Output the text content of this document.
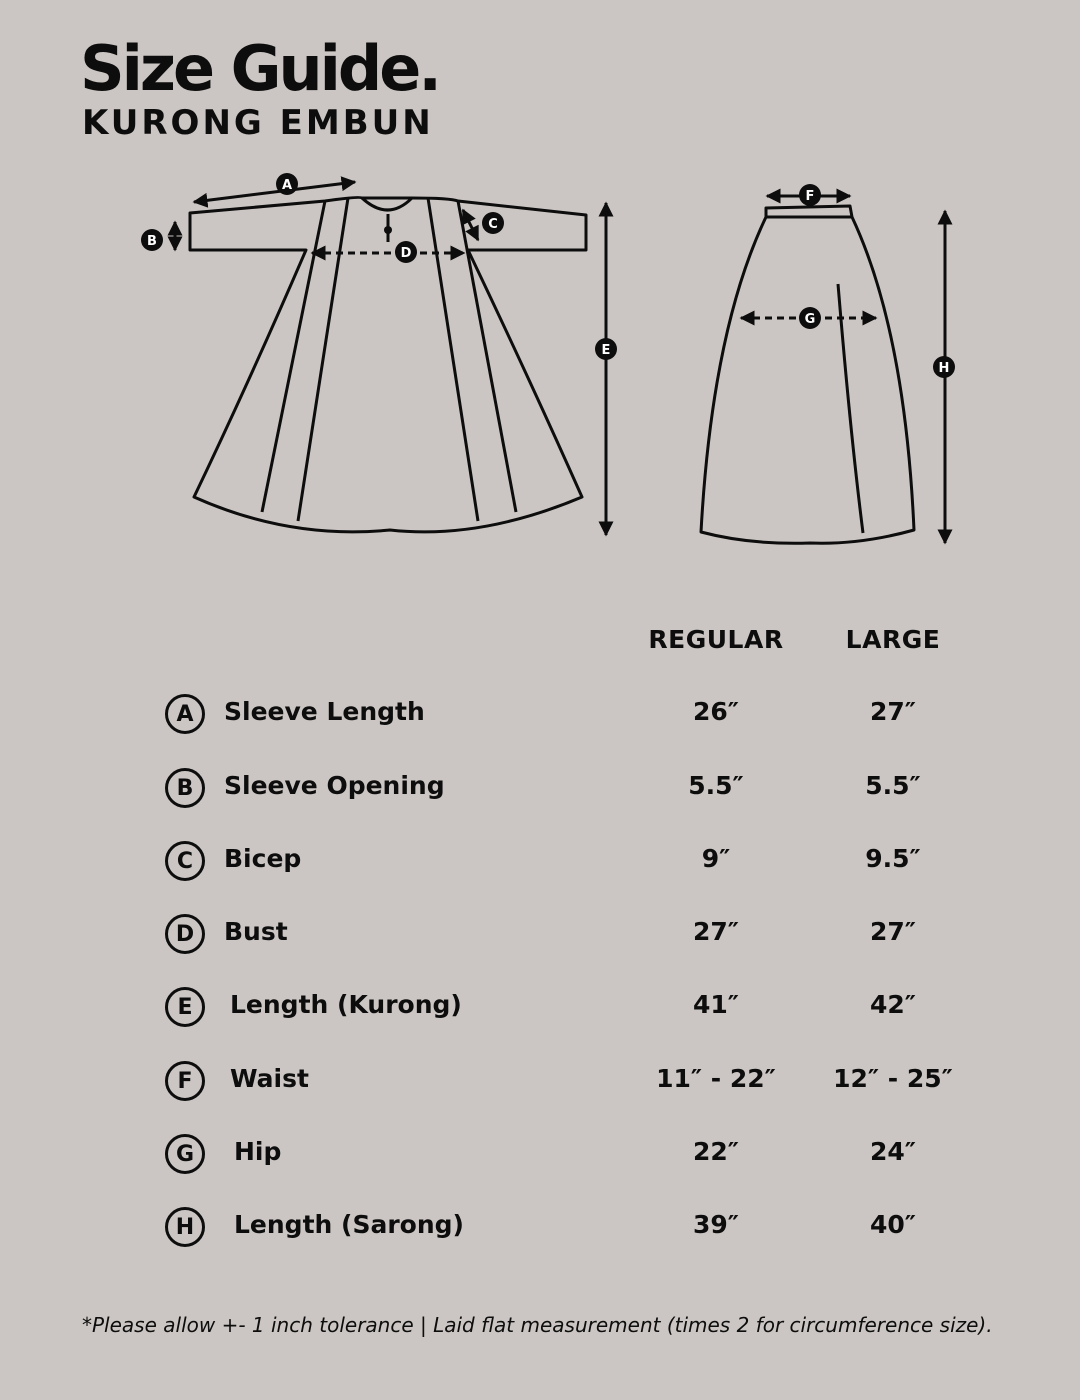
Size Guide.
KURONG EMBUN
A
B
C
D
E
F
G
H
REGULAR	LARGE
A	Sleeve Length	26″	27″
B	Sleeve Opening	5.5″	5.5″
C	Bicep	9″	9.5″
D	Bust	27″	27″
E	Length (Kurong)	41″	42″
F	Waist	11″ - 22″	12″ - 25″
G	Hip	22″	24″
H	Length (Sarong)	39″	40″
*Please allow +- 1 inch tolerance | Laid flat measurement (times 2 for circumference size).
